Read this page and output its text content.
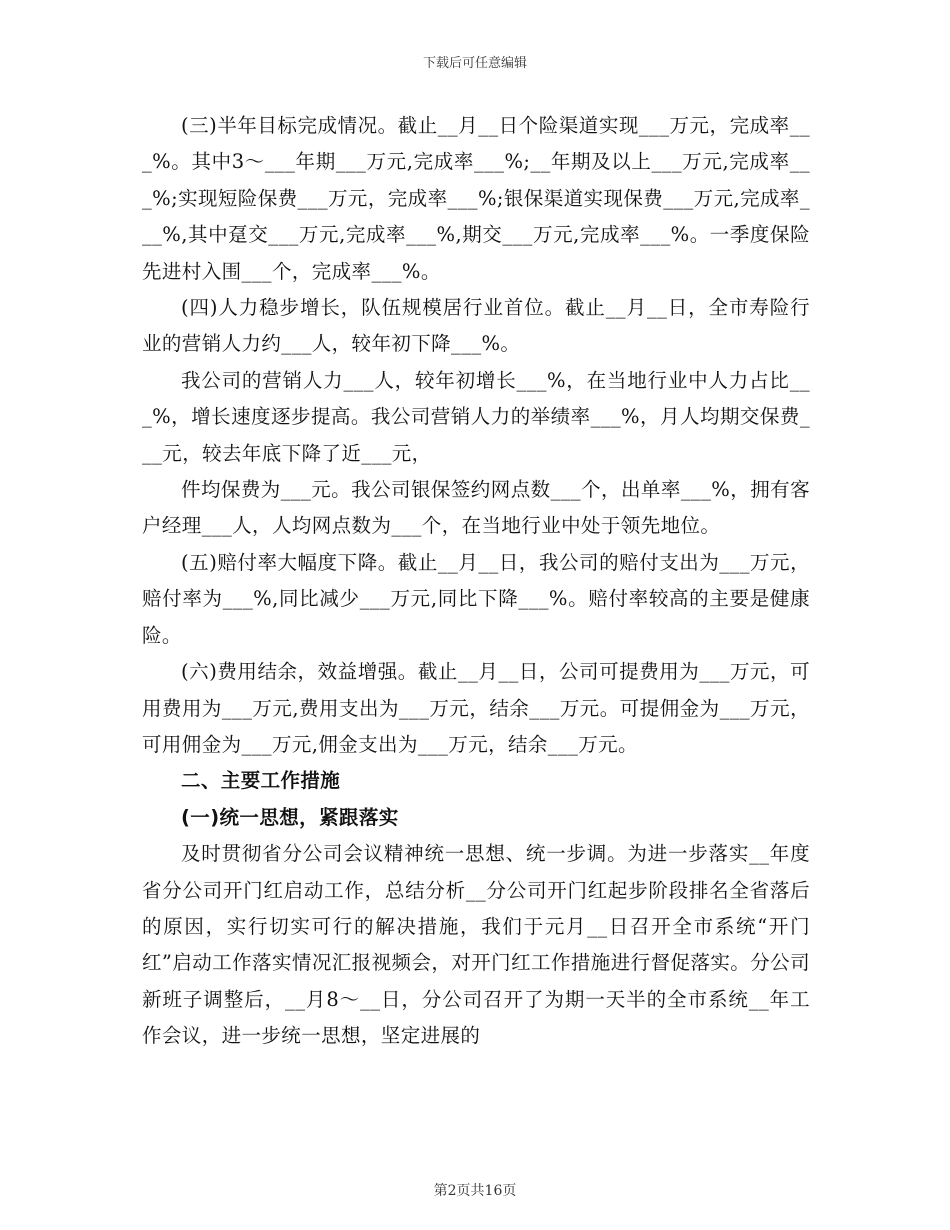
下载后可任意编辑

(三)半年目标完成情况。截止__月__日个险渠道实现___万元，完成率___%。其中3～___年期___万元,完成率___%;__年期及以上___万元,完成率___%;实现短险保费___万元，完成率___%;银保渠道实现保费___万元,完成率___%,其中趸交___万元,完成率___%,期交___万元,完成率___%。一季度保险先进村入围___个，完成率___%。

(四)人力稳步增长，队伍规模居行业首位。截止__月__日，全市寿险行业的营销人力约___人，较年初下降___%。

我公司的营销人力___人，较年初增长___%，在当地行业中人力占比___%，增长速度逐步提高。我公司营销人力的举绩率___%，月人均期交保费___元，较去年底下降了近___元，

件均保费为___元。我公司银保签约网点数___个，出单率___%，拥有客户经理___人，人均网点数为___个，在当地行业中处于领先地位。

(五)赔付率大幅度下降。截止__月__日，我公司的赔付支出为___万元，赔付率为___%,同比减少___万元,同比下降___%。赔付率较高的主要是健康险。

(六)费用结余，效益增强。截止__月__日，公司可提费用为___万元，可用费用为___万元,费用支出为___万元，结余___万元。可提佣金为___万元，可用佣金为___万元,佣金支出为___万元，结余___万元。

二、主要工作措施

(一)统一思想，紧跟落实

及时贯彻省分公司会议精神统一思想、统一步调。为进一步落实__年度省分公司开门红启动工作，总结分析__分公司开门红起步阶段排名全省落后的原因，实行切实可行的解决措施，我们于元月__日召开全市系统“开门红”启动工作落实情况汇报视频会，对开门红工作措施进行督促落实。分公司新班子调整后，__月8～__日，分公司召开了为期一天半的全市系统__年工作会议，进一步统一思想，坚定进展的

第2页共16页
